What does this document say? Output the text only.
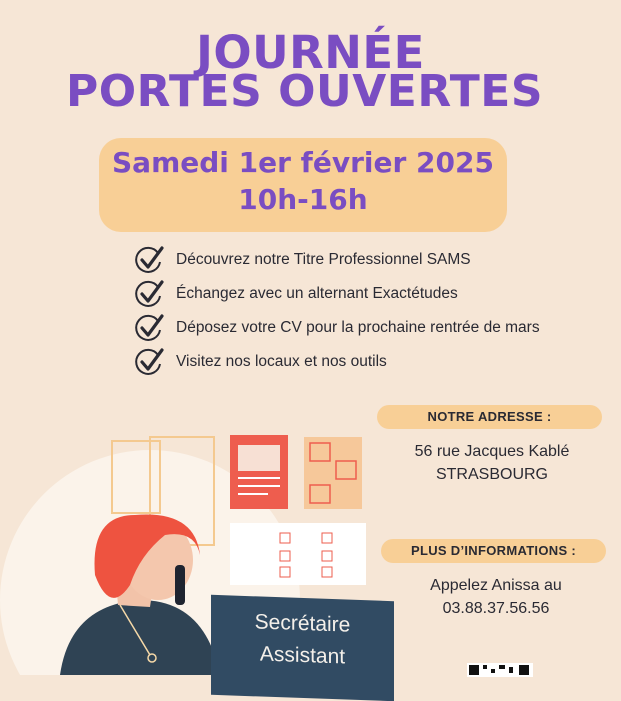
JOURNÉE
PORTES OUVERTES
Samedi 1er février 2025
10h-16h
Découvrez notre Titre Professionnel SAMS
Échangez avec un alternant Exactétudes
Déposez votre CV pour la prochaine rentrée de mars
Visitez nos locaux et nos outils
NOTRE ADRESSE :
56 rue Jacques Kablé
STRASBOURG
PLUS D’INFORMATIONS :
Appelez Anissa au
03.88.37.56.56
Secrétaire
Assistant
